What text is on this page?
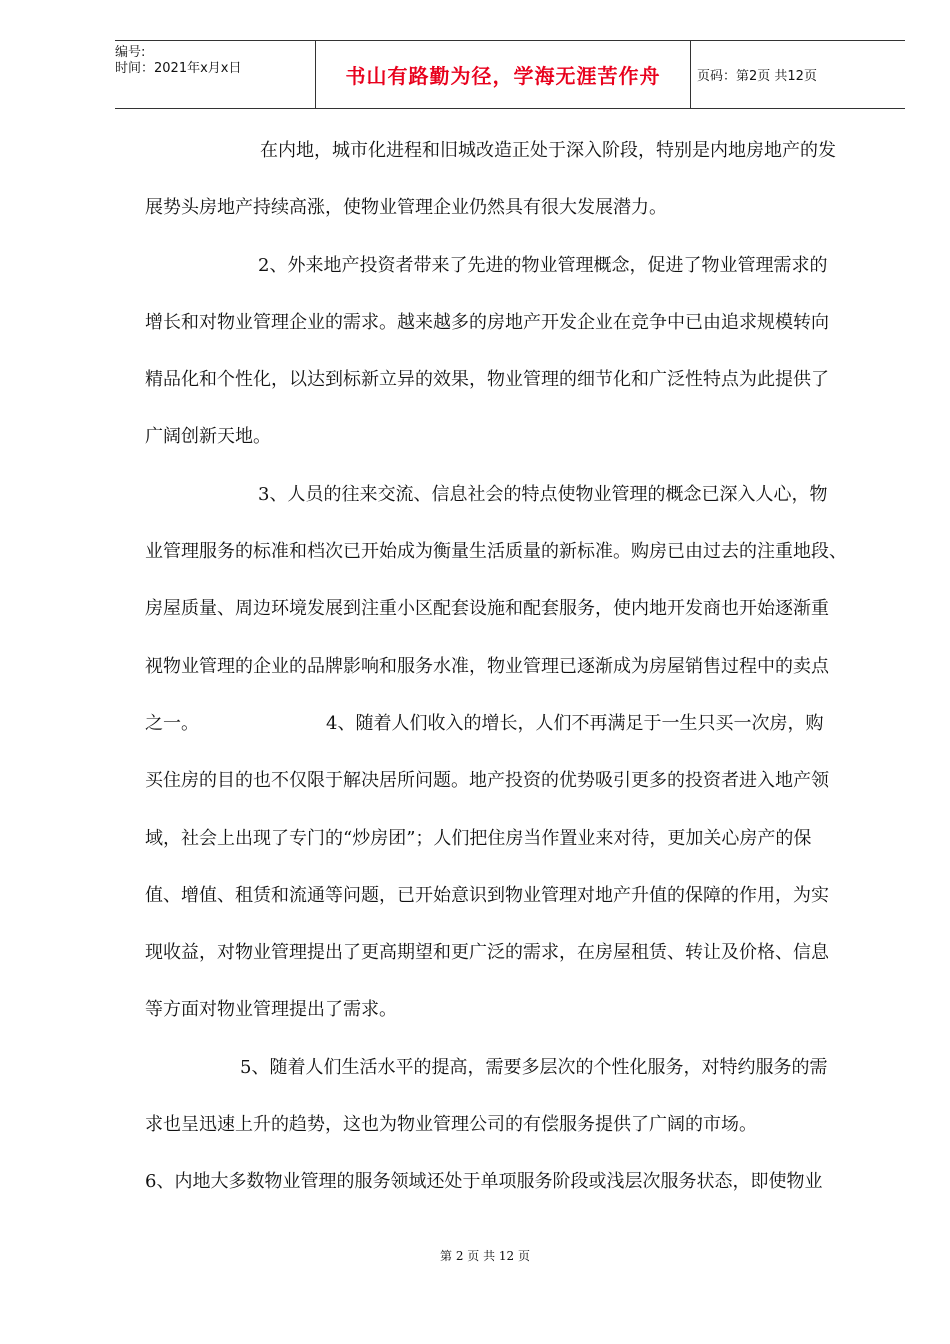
编号:
时间：2021年x月x日	书山有路勤为径，学海无涯苦作舟	页码：第2页 共12页
在内地，城市化进程和旧城改造正处于深入阶段，特别是内地房地产的发
展势头房地产持续高涨，使物业管理企业仍然具有很大发展潜力。
2、外来地产投资者带来了先进的物业管理概念，促进了物业管理需求的
增长和对物业管理企业的需求。越来越多的房地产开发企业在竞争中已由追求规模转向
精品化和个性化，以达到标新立异的效果，物业管理的细节化和广泛性特点为此提供了
广阔创新天地。
3、人员的往来交流、信息社会的特点使物业管理的概念已深入人心，物
业管理服务的标准和档次已开始成为衡量生活质量的新标准。购房已由过去的注重地段、
房屋质量、周边环境发展到注重小区配套设施和配套服务，使内地开发商也开始逐渐重
视物业管理的企业的品牌影响和服务水准，物业管理已逐渐成为房屋销售过程中的卖点
之一。	4、随着人们收入的增长，人们不再满足于一生只买一次房，购
买住房的目的也不仅限于解决居所问题。地产投资的优势吸引更多的投资者进入地产领
域，社会上出现了专门的“炒房团”；人们把住房当作置业来对待，更加关心房产的保
值、增值、租赁和流通等问题，已开始意识到物业管理对地产升值的保障的作用，为实
现收益，对物业管理提出了更高期望和更广泛的需求，在房屋租赁、转让及价格、信息
等方面对物业管理提出了需求。
5、随着人们生活水平的提高，需要多层次的个性化服务，对特约服务的需
求也呈迅速上升的趋势，这也为物业管理公司的有偿服务提供了广阔的市场。
6、内地大多数物业管理的服务领域还处于单项服务阶段或浅层次服务状态，即使物业
第 2 页 共 12 页
